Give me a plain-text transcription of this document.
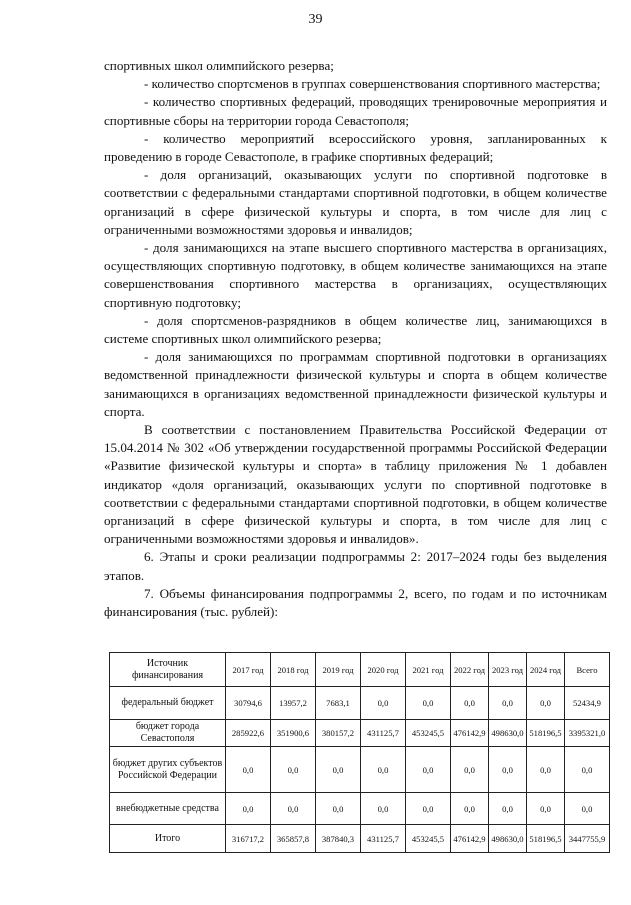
39

спортивных школ олимпийского резерва;

- количество спортсменов в группах совершенствования спортивного мастерства;

- количество спортивных федераций, проводящих тренировочные мероприятия и спортивные сборы на территории города Севастополя;

- количество мероприятий всероссийского уровня, запланированных к проведению в городе Севастополе, в графике спортивных федераций;

- доля организаций, оказывающих услуги по спортивной подготовке в соответствии с федеральными стандартами спортивной подготовки, в общем количестве организаций в сфере физической культуры и спорта, в том числе для лиц с ограниченными возможностями здоровья и инвалидов;

- доля занимающихся на этапе высшего спортивного мастерства в организациях, осуществляющих спортивную подготовку, в общем количестве занимающихся на этапе совершенствования спортивного мастерства в организациях, осуществляющих спортивную подготовку;

- доля спортсменов-разрядников в общем количестве лиц, занимающихся в системе спортивных школ олимпийского резерва;

- доля занимающихся по программам спортивной подготовки в организациях ведомственной принадлежности физической культуры и спорта в общем количестве занимающихся в организациях ведомственной принадлежности физической культуры и спорта.

В соответствии с постановлением Правительства Российской Федерации от 15.04.2014 № 302 «Об утверждении государственной программы Российской Федерации «Развитие физической культуры и спорта» в таблицу приложения № 1 добавлен индикатор «доля организаций, оказывающих услуги по спортивной подготовке в соответствии с федеральными стандартами спортивной подготовки, в общем количестве организаций в сфере физической культуры и спорта, в том числе для лиц с ограниченными возможностями здоровья и инвалидов».

6. Этапы и сроки реализации подпрограммы 2: 2017–2024 годы без выделения этапов.

7. Объемы финансирования подпрограммы 2, всего, по годам и по источникам финансирования (тыс. рублей):

Источник финансирования	2017 год	2018 год	2019 год	2020 год	2021 год	2022 год	2023 год	2024 год	Всего
федеральный бюджет	30794,6	13957,2	7683,1	0,0	0,0	0,0	0,0	0,0	52434,9
бюджет города Севастополя	285922,6	351900,6	380157,2	431125,7	453245,5	476142,9	498630,0	518196,5	3395321,0
бюджет других субъектов Российской Федерации	0,0	0,0	0,0	0,0	0,0	0,0	0,0	0,0	0,0
внебюджетные средства	0,0	0,0	0,0	0,0	0,0	0,0	0,0	0,0	0,0
Итого	316717,2	365857,8	387840,3	431125,7	453245,5	476142,9	498630,0	518196,5	3447755,9
